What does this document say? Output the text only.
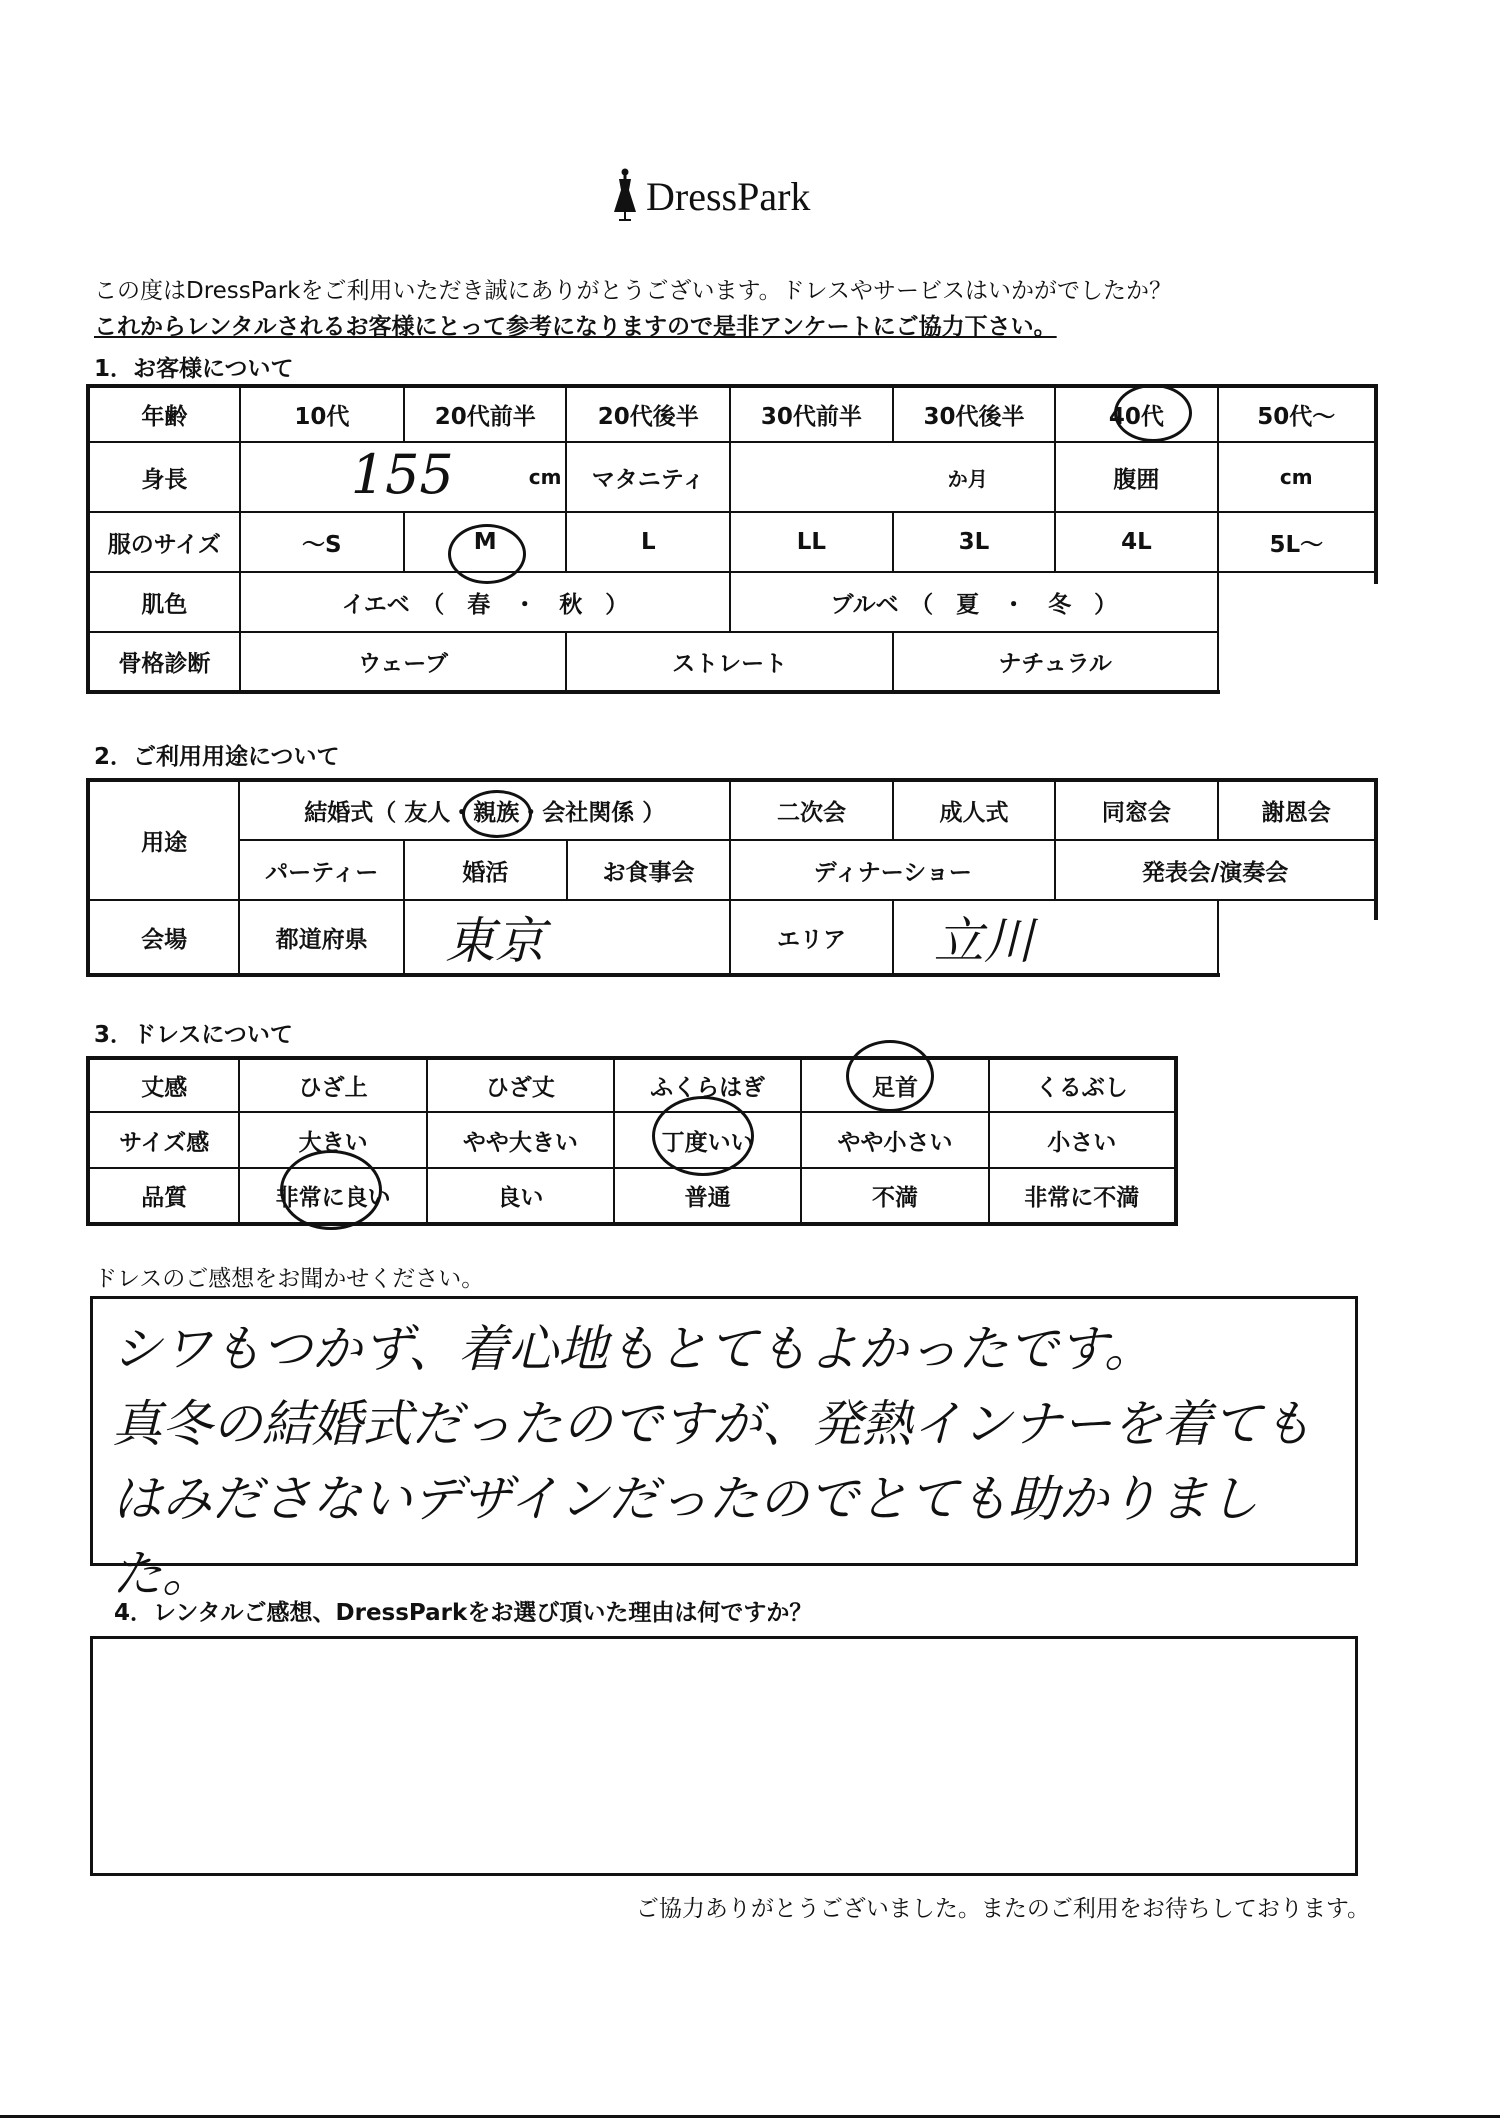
DressPark
この度はDressParkをご利用いただき誠にありがとうございます。ドレスやサービスはいかがでしたか？
これからレンタルされるお客様にとって参考になりますので是非アンケートにご協力下さい。
1．お客様について
年齢	10代	20代前半	20代後半	30代前半	30代後半	40代	50代～
身長	155 cm		マタニティ	か月		腹囲	cm
服のサイズ	～S	M	L	LL	3L	4L	5L～
肌色	イエベ　（　春　・　秋　）			ブルベ　（　夏　・　冬　）			
骨格診断	ウェーブ		ストレート		ナチュラル		
2．ご利用用途について
用途	結婚式（ 友人・親族・会社関係 ）			二次会	成人式	同窓会	謝恩会
	パーティー	婚活	お食事会	ディナーショー		発表会/演奏会	
会場	都道府県	東京		エリア	立川		
3．ドレスについて
丈感	ひざ上	ひざ丈	ふくらはぎ	足首	くるぶし
サイズ感	大きい	やや大きい	丁度いい	やや小さい	小さい
品質	非常に良い	良い	普通	不満	非常に不満
ドレスのご感想をお聞かせください。
シワもつかず、着心地もとてもよかったです。
真冬の結婚式だったのですが、発熱インナーを着ても
はみださないデザインだったのでとても助かりました。
4．レンタルご感想、DressParkをお選び頂いた理由は何ですか？
ご協力ありがとうございました。またのご利用をお待ちしております。
